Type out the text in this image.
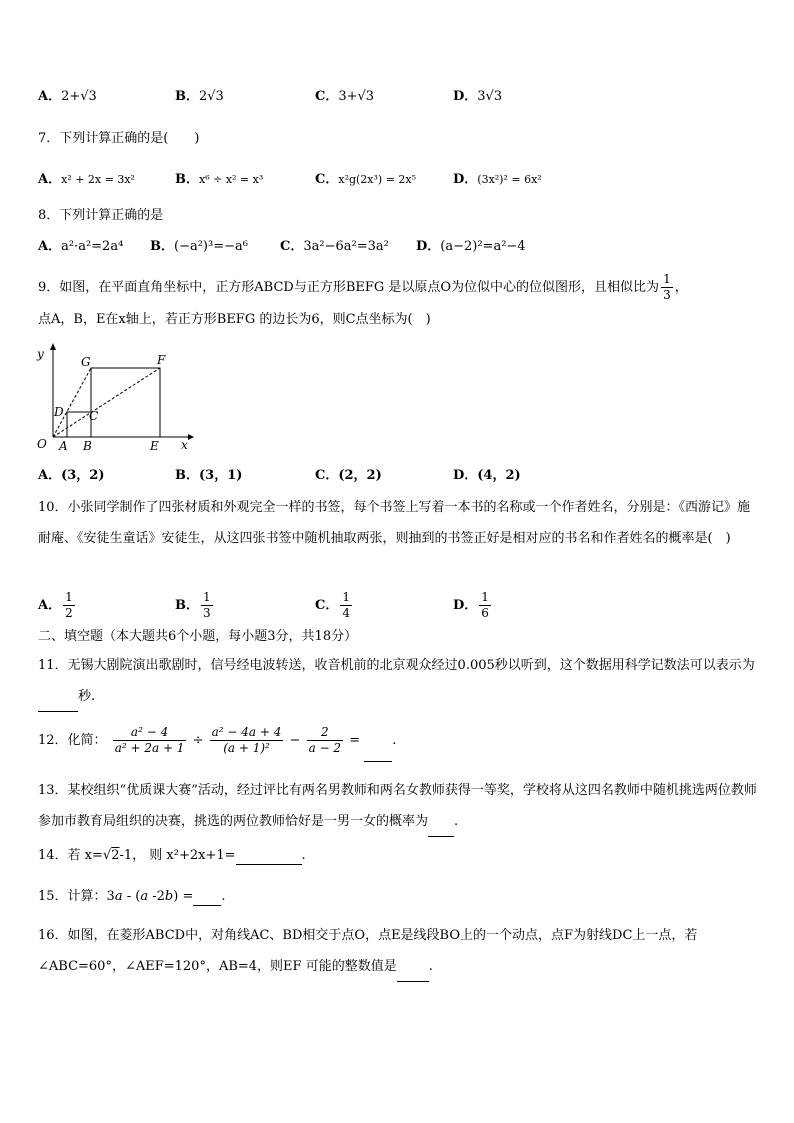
A．2+√3	B．2√3	C．3+√3	D．3√3
7．下列计算正确的是(　　)
A．x² + 2x = 3x²	B．x⁶ ÷ x² = x³	C．x²g(2x³) = 2x⁵	D．(3x²)² = 6x²
8．下列计算正确的是
A．a²·a²=2a⁴ B．(−a²)³=−a⁶ C．3a²−6a²=3a² D．(a−2)²=a²−4
9．如图，在平面直角坐标中，正方形ABCD与正方形BEFG 是以原点O为位似中心的位似图形，且相似比为 $\frac{1}{3}$ ，
点A，B，E在x轴上，若正方形BEFG 的边长为6，则C点坐标为(　)
y
x
O A B
C
D
E
F
G
A．(3，2)	B．(3，1)	C．(2，2)	D．(4，2)
10．小张同学制作了四张材质和外观完全一样的书签，每个书签上写着一本书的名称或一个作者姓名，分别是：《西游记》施耐庵、《安徒生童话》安徒生，从这四张书签中随机抽取两张，则抽到的书签正好是相对应的书名和作者姓名的概率是(　)
A． $\frac{1}{2}$	B． $\frac{1}{3}$	C． $\frac{1}{4}$	D． $\frac{1}{6}$
二、填空题（本大题共6个小题，每小题3分，共18分）
11．无锡大剧院演出歌剧时，信号经电波转送，收音机前的北京观众经过0.005秒以听到，这个数据用科学记数法可以表示为秒.
12．化简： $\frac{\text{a² − 4}}{\text{a² + 2a + 1}} \div \frac{\text{a² − 4a + 4}}{\text{(a + 1)²}} - \frac{2}{a - 2}$ = .
13．某校组织“优质课大赛”活动，经过评比有两名男教师和两名女教师获得一等奖，学校将从这四名教师中随机挑选两位教师参加市教育局组织的决赛，挑选的两位教师恰好是一男一女的概率为 .
14．若 x=√2-1， 则 x²+2x+1=	.
15．计算：3a - (a -2b) = .
16．如图，在菱形ABCD中，对角线AC、BD相交于点O，点E是线段BO上的一个动点，点F为射线DC上一点，若∠ABC=60°，∠AEF=120°，AB=4，则EF 可能的整数值是 .
